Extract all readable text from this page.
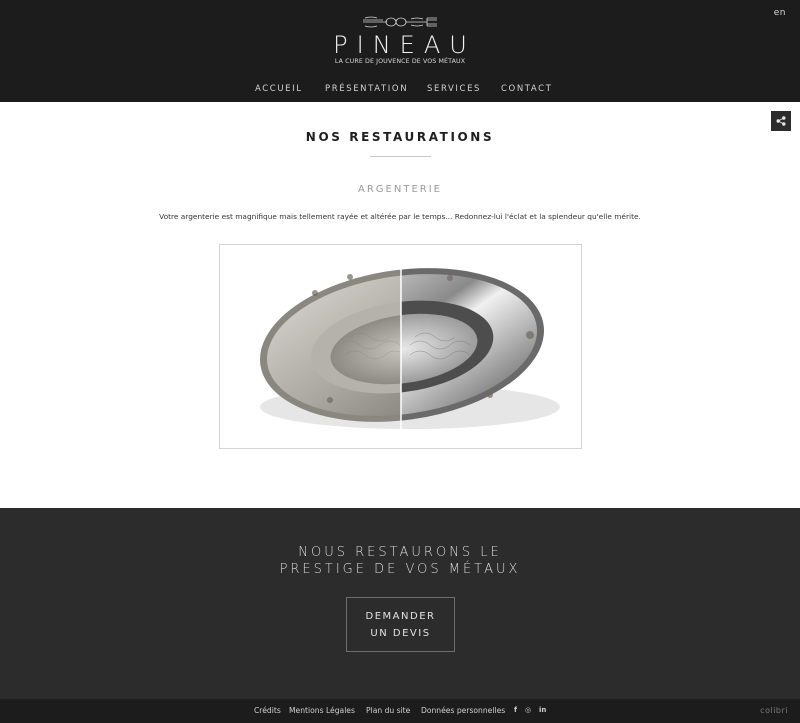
en
PINEAU
LA CURE DE JOUVENCE DE VOS MÉTAUX
ACCUEIL	PRÉSENTATION SERVICES CONTACT
NOS RESTAURATIONS
ARGENTERIE
Votre argenterie est magnifique mais tellement rayée et altérée par le temps... Redonnez-lui l'éclat et la splendeur qu'elle mérite.
NOUS RESTAURONS LE
PRESTIGE DE VOS MÉTAUX
DEMANDER
UN DEVIS
Crédits Mentions Légales Plan du site Données personnelles f ◎ in	colibri
